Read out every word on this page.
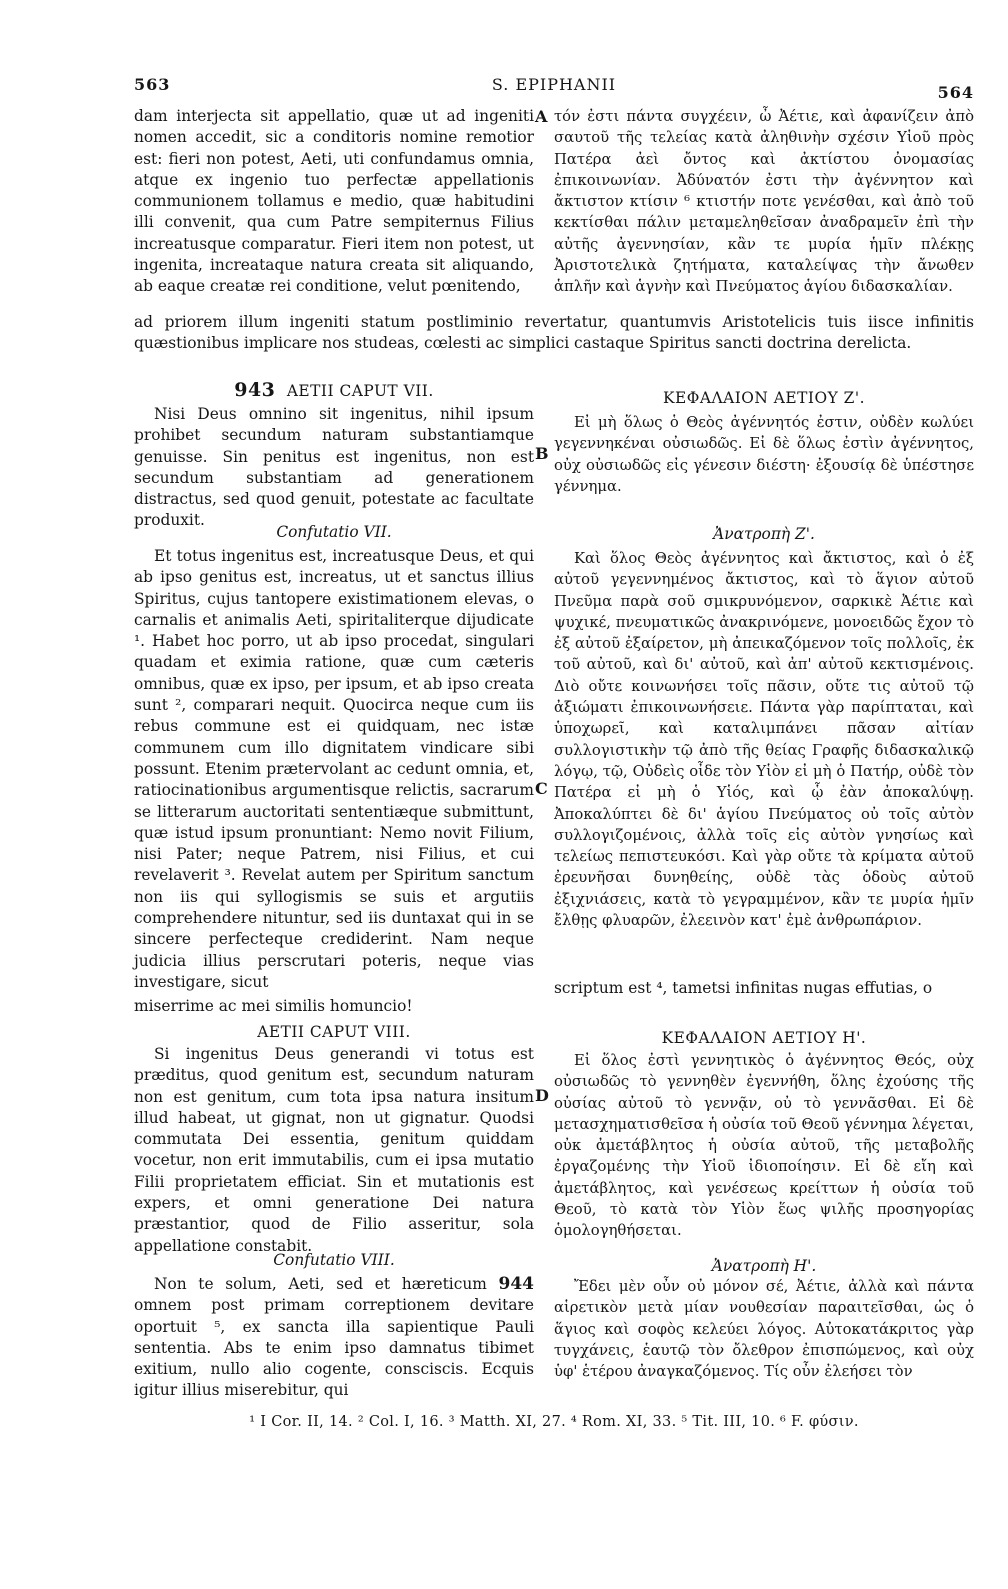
563	S. EPIPHANII	564

dam interjecta sit appellatio, quæ ut ad ingeniti nomen accedit, sic a conditoris nomine remotior est: fieri non potest, Aeti, uti confundamus omnia, atque ex ingenio tuo perfectæ appellationis communionem tollamus e medio, quæ habitudini illi convenit, qua cum Patre sempiternus Filius increatusque comparatur. Fieri item non potest, ut ingenita, increataque natura creata sit aliquando, ab eaque creatæ rei conditione, velut pœnitendo,

τόν ἐστι πάντα συγχέειν, ὦ Ἀέτιε, καὶ ἀφανίζειν ἀπὸ σαυτοῦ τῆς τελείας κατὰ ἀληθινὴν σχέσιν Υἱοῦ πρὸς Πατέρα ἀεὶ ὄντος καὶ ἀκτίστου ὀνομασίας ἐπικοινωνίαν. Ἀδύνατόν ἐστι τὴν ἀγέννητον καὶ ἄκτιστον κτίσιν ⁶ κτιστήν ποτε γενέσθαι, καὶ ἀπὸ τοῦ κεκτίσθαι πάλιν μεταμεληθεῖσαν ἀναδραμεῖν ἐπὶ τὴν αὐτῆς ἀγεννησίαν, κἂν τε μυρία ἡμῖν πλέκῃς Ἀριστοτελικὰ ζητήματα, καταλείψας τὴν ἄνωθεν ἁπλῆν καὶ ἁγνὴν καὶ Πνεύματος ἁγίου διδασκαλίαν.

A

ad priorem illum ingeniti statum postliminio revertatur, quantumvis Aristotelicis tuis iisce infinitis quæstionibus implicare nos studeas, cœlesti ac simplici castaque Spiritus sancti doctrina derelicta.

943 AETII CAPUT VII.	ΚΕΦΑΛΑΙΟΝ ΑΕΤΙΟΥ Ζ'.

Nisi Deus omnino sit ingenitus, nihil ipsum prohibet secundum naturam substantiamque genuisse. Sin penitus est ingenitus, non est secundum substantiam ad generationem distractus, sed quod genuit, potestate ac facultate produxit.

Εἰ μὴ ὅλως ὁ Θεὸς ἀγέννητός ἐστιν, οὐδὲν κωλύει γεγεννηκέναι οὐσιωδῶς. Εἰ δὲ ὅλως ἐστὶν ἀγέννητος, οὐχ οὐσιωδῶς εἰς γένεσιν διέστη· ἐξουσίᾳ δὲ ὑπέστησε γέννημα.

B
Confutatio VII.	Ἀνατροπὴ Ζ'.

Et totus ingenitus est, increatusque Deus, et qui ab ipso genitus est, increatus, ut et sanctus illius Spiritus, cujus tantopere existimationem elevas, o carnalis et animalis Aeti, spiritaliterque dijudicate ¹. Habet hoc porro, ut ab ipso procedat, singulari quadam et eximia ratione, quæ cum cæteris omnibus, quæ ex ipso, per ipsum, et ab ipso creata sunt ², comparari nequit. Quocirca neque cum iis rebus commune est ei quidquam, nec istæ communem cum illo dignitatem vindicare sibi possunt. Etenim prætervolant ac cedunt omnia, et, ratiocinationibus argumentisque relictis, sacrarum se litterarum auctoritati sententiæque submittunt, quæ istud ipsum pronuntiant: Nemo novit Filium, nisi Pater; neque Patrem, nisi Filius, et cui revelaverit ³. Revelat autem per Spiritum sanctum non iis qui syllogismis se suis et argutiis comprehendere nituntur, sed iis duntaxat qui in se sincere perfecteque crediderint. Nam neque judicia illius perscrutari poteris, neque vias investigare, sicut

Καὶ ὅλος Θεὸς ἀγέννητος καὶ ἄκτιστος, καὶ ὁ ἐξ αὐτοῦ γεγεννημένος ἄκτιστος, καὶ τὸ ἅγιον αὐτοῦ Πνεῦμα παρὰ σοῦ σμικρυνόμενον, σαρκικὲ Ἀέτιε καὶ ψυχικέ, πνευματικῶς ἀνακρινόμενε, μονοειδῶς ἔχον τὸ ἐξ αὐτοῦ ἐξαίρετον, μὴ ἀπεικαζόμενον τοῖς πολλοῖς, ἐκ τοῦ αὐτοῦ, καὶ δι' αὐτοῦ, καὶ ἀπ' αὐτοῦ κεκτισμένοις. Διὸ οὔτε κοινωνήσει τοῖς πᾶσιν, οὔτε τις αὐτοῦ τῷ ἀξιώματι ἐπικοινωνήσειε. Πάντα γὰρ παρίπταται, καὶ ὑποχωρεῖ, καὶ καταλιμπάνει πᾶσαν αἰτίαν συλλογιστικὴν τῷ ἀπὸ τῆς θείας Γραφῆς διδασκαλικῷ λόγῳ, τῷ, Οὐδεὶς οἶδε τὸν Υἱὸν εἰ μὴ ὁ Πατήρ, οὐδὲ τὸν Πατέρα εἰ μὴ ὁ Υἱός, καὶ ᾧ ἐὰν ἀποκαλύψῃ. Ἀποκαλύπτει δὲ δι' ἁγίου Πνεύματος οὐ τοῖς αὐτὸν συλλογιζομένοις, ἀλλὰ τοῖς εἰς αὐτὸν γνησίως καὶ τελείως πεπιστευκόσι. Καὶ γὰρ οὔτε τὰ κρίματα αὐτοῦ ἐρευνῆσαι δυνηθείης, οὐδὲ τὰς ὁδοὺς αὐτοῦ ἐξιχνιάσεις, κατὰ τὸ γεγραμμένον, κἂν τε μυρία ἡμῖν ἔλθῃς φλυαρῶν, ἐλεεινὸν κατ' ἐμὲ ἀνθρωπάριον.

C

scriptum est ⁴, tametsi infinitas nugas effutias, o

miserrime ac mei similis homuncio!

AETII CAPUT VIII.	ΚΕΦΑΛΑΙΟΝ ΑΕΤΙΟΥ Η'.

Si ingenitus Deus generandi vi totus est præditus, quod genitum est, secundum naturam non est genitum, cum tota ipsa natura insitum illud habeat, ut gignat, non ut gignatur. Quodsi commutata Dei essentia, genitum quiddam vocetur, non erit immutabilis, cum ei ipsa mutatio Filii proprietatem efficiat. Sin et mutationis est expers, et omni generatione Dei natura præstantior, quod de Filio asseritur, sola appellatione constabit.

Εἰ ὅλος ἐστὶ γεννητικὸς ὁ ἀγέννητος Θεός, οὐχ οὐσιωδῶς τὸ γεννηθὲν ἐγεννήθη, ὅλης ἐχούσης τῆς οὐσίας αὐτοῦ τὸ γεννᾷν, οὐ τὸ γεννᾶσθαι. Εἰ δὲ μετασχηματισθεῖσα ἡ οὐσία τοῦ Θεοῦ γέννημα λέγεται, οὐκ ἀμετάβλητος ἡ οὐσία αὐτοῦ, τῆς μεταβολῆς ἐργαζομένης τὴν Υἱοῦ ἰδιοποίησιν. Εἰ δὲ εἴη καὶ ἀμετάβλητος, καὶ γενέσεως κρείττων ἡ οὐσία τοῦ Θεοῦ, τὸ κατὰ τὸν Υἱὸν ἕως ψιλῆς προσηγορίας ὁμολογηθήσεται.

D
Confutatio VIII.	Ἀνατροπὴ Η'.

Non te solum, Aeti, sed et hæreticum 944 omnem post primam correptionem devitare oportuit ⁵, ex sancta illa sapientique Pauli sententia. Abs te enim ipso damnatus tibimet exitium, nullo alio cogente, consciscis. Ecquis igitur illius miserebitur, qui

Ἔδει μὲν οὖν οὐ μόνον σέ, Ἀέτιε, ἀλλὰ καὶ πάντα αἱρετικὸν μετὰ μίαν νουθεσίαν παραιτεῖσθαι, ὡς ὁ ἅγιος καὶ σοφὸς κελεύει λόγος. Αὐτοκατάκριτος γὰρ τυγχάνεις, ἑαυτῷ τὸν ὄλεθρον ἐπισπώμενος, καὶ οὐχ ὑφ' ἑτέρου ἀναγκαζόμενος. Τίς οὖν ἐλεήσει τὸν

¹ I Cor. II, 14. ² Col. I, 16. ³ Matth. XI, 27. ⁴ Rom. XI, 33. ⁵ Tit. III, 10. ⁶ F. φύσιν.
